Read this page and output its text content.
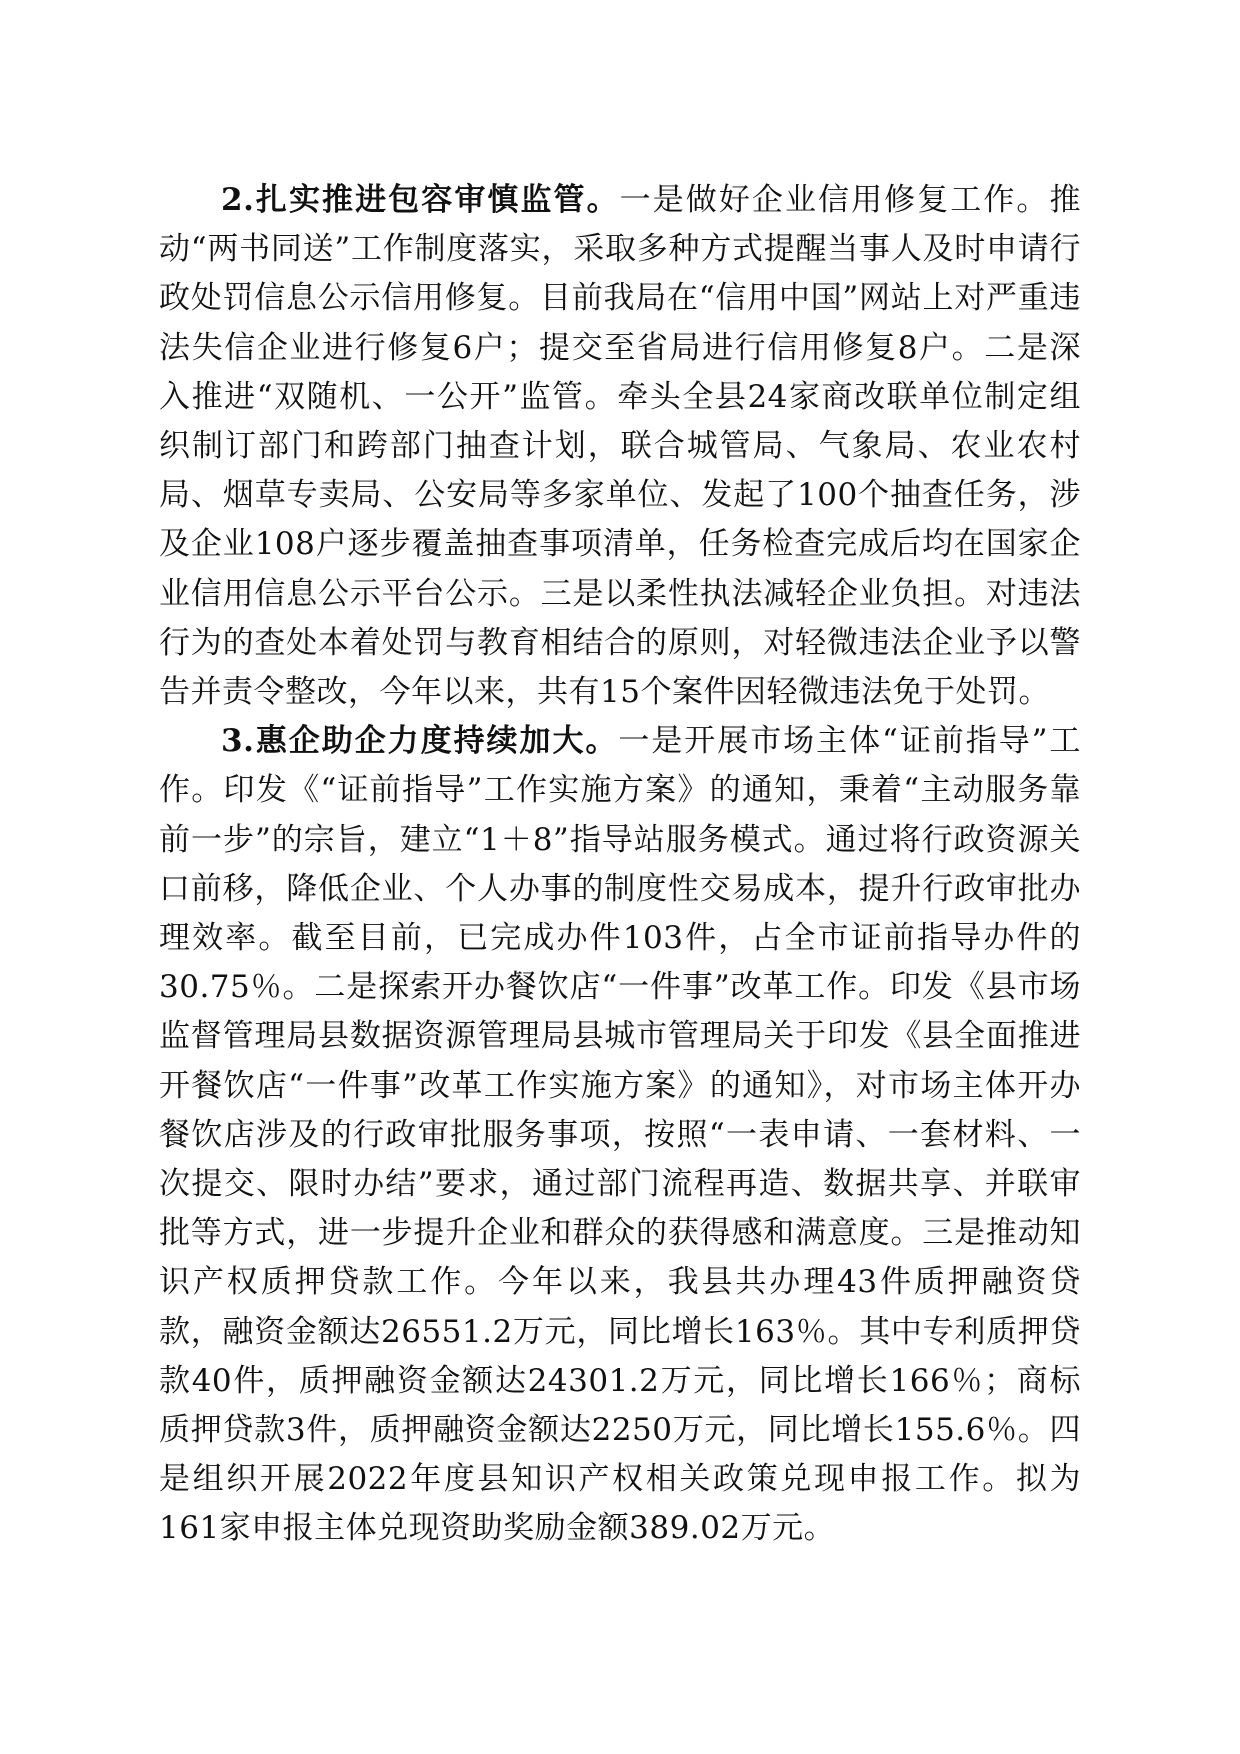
2.扎实推进包容审慎监管。一是做好企业信用修复工作。推动“两书同送”工作制度落实，采取多种方式提醒当事人及时申请行政处罚信息公示信用修复。目前我局在“信用中国”网站上对严重违法失信企业进行修复6户；提交至省局进行信用修复8户。二是深入推进“双随机、一公开”监管。牵头全县24家商改联单位制定组织制订部门和跨部门抽查计划，联合城管局、气象局、农业农村局、烟草专卖局、公安局等多家单位、发起了100个抽查任务，涉及企业108户逐步覆盖抽查事项清单，任务检查完成后均在国家企业信用信息公示平台公示。三是以柔性执法减轻企业负担。对违法行为的查处本着处罚与教育相结合的原则，对轻微违法企业予以警告并责令整改，今年以来，共有15个案件因轻微违法免于处罚。

3.惠企助企力度持续加大。一是开展市场主体“证前指导”工作。印发《“证前指导”工作实施方案》的通知，秉着“主动服务靠前一步”的宗旨，建立“1＋8”指导站服务模式。通过将行政资源关口前移，降低企业、个人办事的制度性交易成本，提升行政审批办理效率。截至目前，已完成办件103件，占全市证前指导办件的30.75％。二是探索开办餐饮店“一件事”改革工作。印发《县市场监督管理局县数据资源管理局县城市管理局关于印发《县全面推进开餐饮店“一件事”改革工作实施方案》的通知》，对市场主体开办餐饮店涉及的行政审批服务事项，按照“一表申请、一套材料、一次提交、限时办结”要求，通过部门流程再造、数据共享、并联审批等方式，进一步提升企业和群众的获得感和满意度。三是推动知识产权质押贷款工作。今年以来，我县共办理43件质押融资贷款，融资金额达26551.2万元，同比增长163％。其中专利质押贷款40件，质押融资金额达24301.2万元，同比增长166％；商标质押贷款3件，质押融资金额达2250万元，同比增长155.6％。四是组织开展2022年度县知识产权相关政策兑现申报工作。拟为161家申报主体兑现资助奖励金额389.02万元。
